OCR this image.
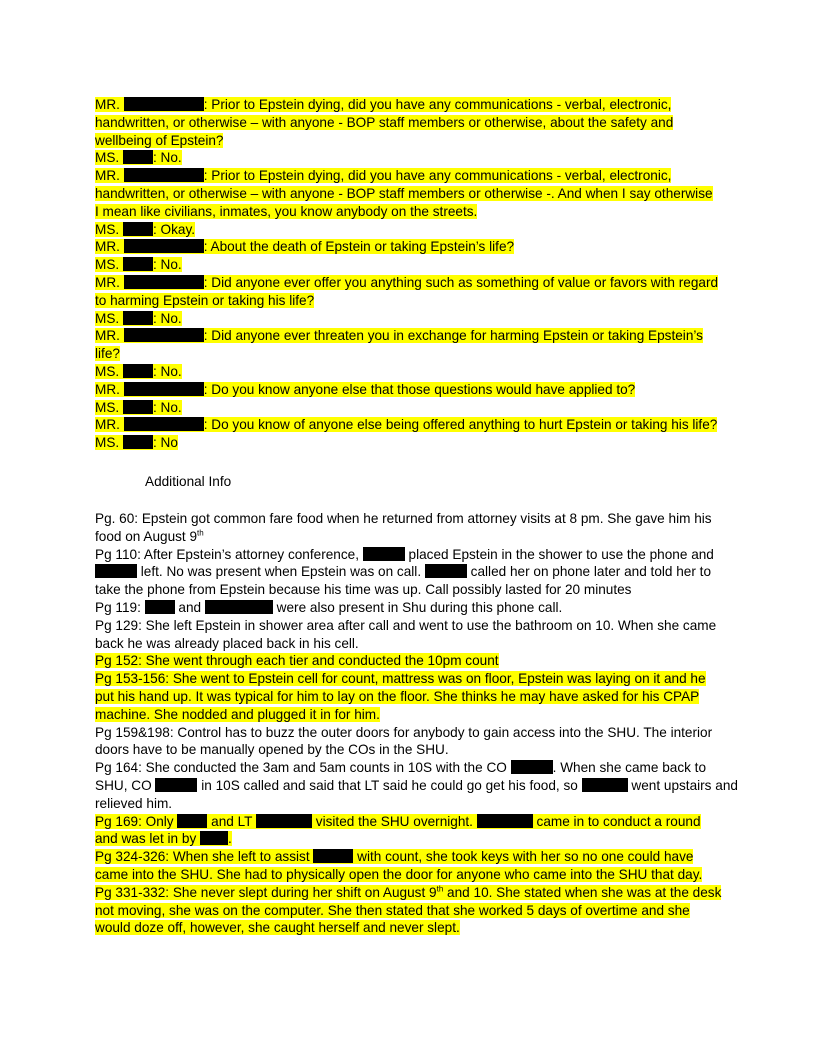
MR.	: Prior to Epstein dying, did you have any communications - verbal, electronic,
handwritten, or otherwise – with anyone - BOP staff members or otherwise, about the safety and
wellbeing of Epstein?
MS. : No.
MR.	: Prior to Epstein dying, did you have any communications - verbal, electronic,
handwritten, or otherwise – with anyone - BOP staff members or otherwise -. And when I say otherwise
I mean like civilians, inmates, you know anybody on the streets.
MS. : Okay.
MR.	: About the death of Epstein or taking Epstein’s life?
MS. : No.
MR.	: Did anyone ever offer you anything such as something of value or favors with regard
to harming Epstein or taking his life?
MS. : No.
MR.	: Did anyone ever threaten you in exchange for harming Epstein or taking Epstein’s
life?
MS. : No.
MR.	: Do you know anyone else that those questions would have applied to?
MS. : No.
MR.	: Do you know of anyone else being offered anything to hurt Epstein or taking his life?
MS. : No
Additional Info
Pg. 60: Epstein got common fare food when he returned from attorney visits at 8 pm. She gave him his
food on August 9th
Pg 110: After Epstein’s attorney conference,	placed Epstein in the shower to use the phone and
left. No was present when Epstein was on call.	called her on phone later and told her to
take the phone from Epstein because his time was up. Call possibly lasted for 20 minutes
Pg 119:	and	were also present in Shu during this phone call.
Pg 129: She left Epstein in shower area after call and went to use the bathroom on 10. When she came
back he was already placed back in his cell.
Pg 152: She went through each tier and conducted the 10pm count
Pg 153-156: She went to Epstein cell for count, mattress was on floor, Epstein was laying on it and he
put his hand up. It was typical for him to lay on the floor. She thinks he may have asked for his CPAP
machine. She nodded and plugged it in for him.
Pg 159&198: Control has to buzz the outer doors for anybody to gain access into the SHU. The interior
doors have to be manually opened by the COs in the SHU.
Pg 164: She conducted the 3am and 5am counts in 10S with the CO	. When she came back to
SHU, CO	in 10S called and said that LT said he could go get his food, so	went upstairs and
relieved him.
Pg 169: Only	and LT	visited the SHU overnight.	came in to conduct a round
and was let in by .
Pg 324-326: When she left to assist	with count, she took keys with her so no one could have
came into the SHU. She had to physically open the door for anyone who came into the SHU that day.
Pg 331-332: She never slept during her shift on August 9th and 10. She stated when she was at the desk
not moving, she was on the computer. She then stated that she worked 5 days of overtime and she
would doze off, however, she caught herself and never slept.
